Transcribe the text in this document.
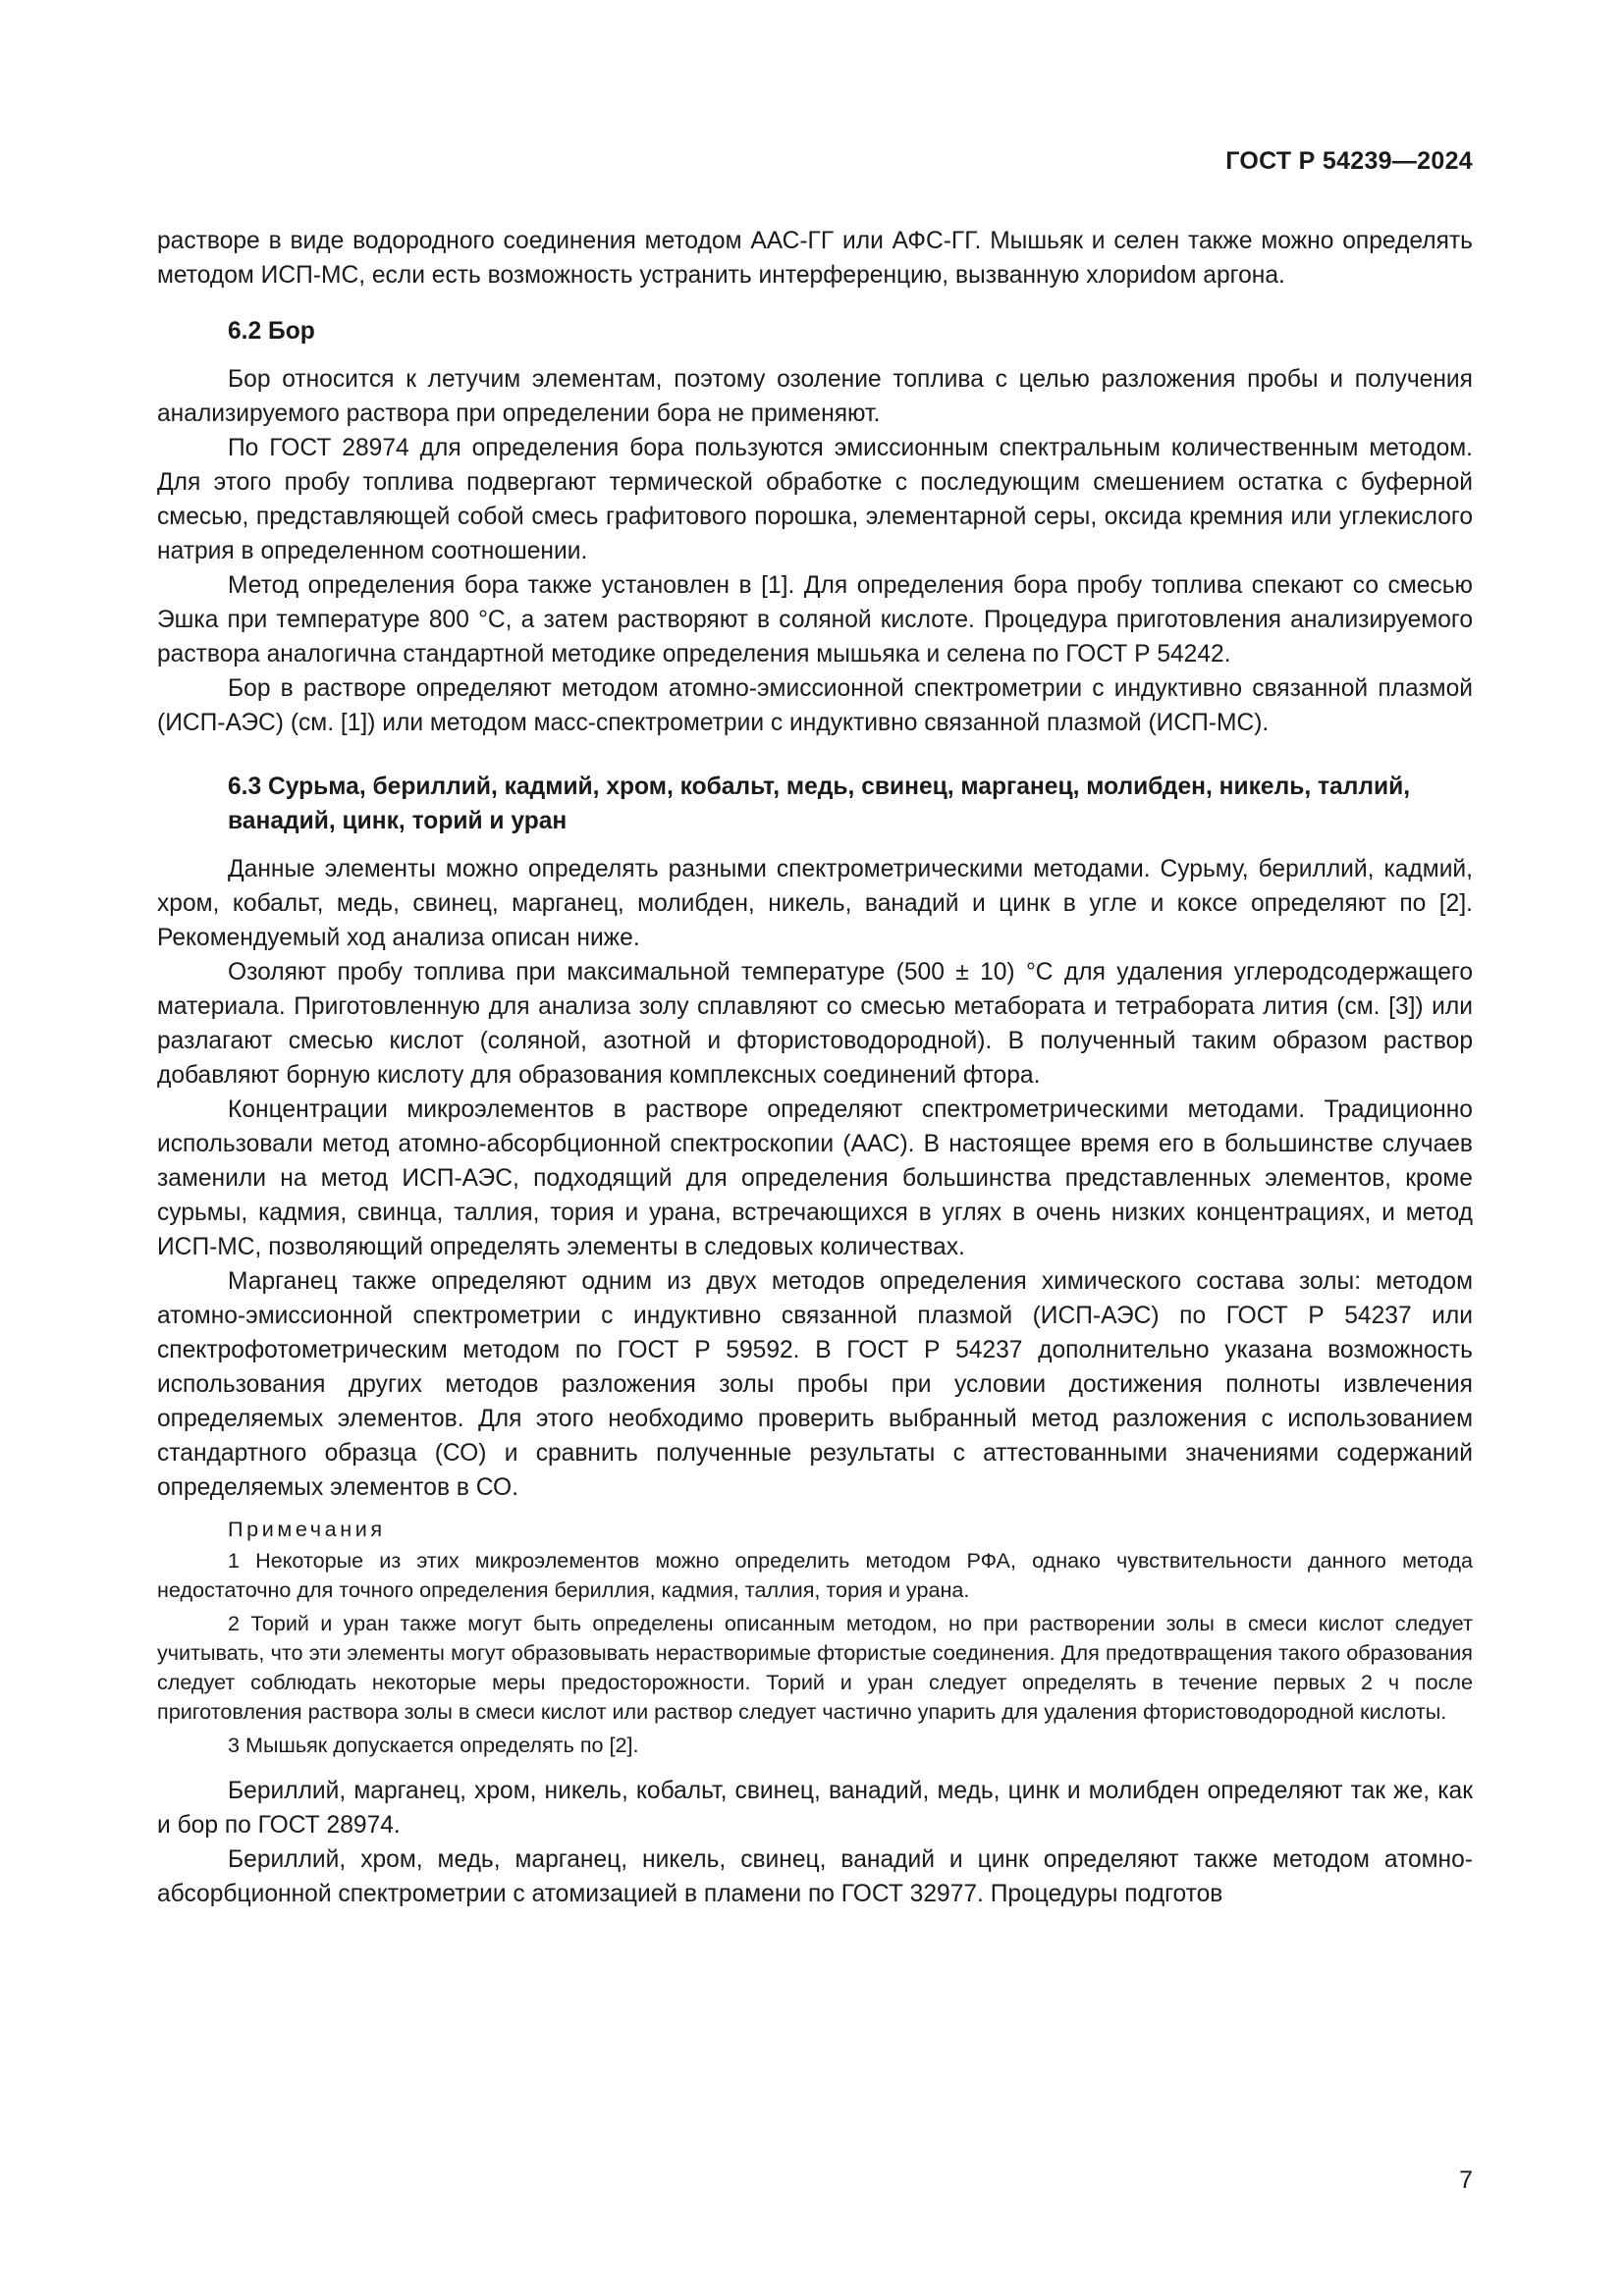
ГОСТ Р 54239—2024

растворе в виде водородного соединения методом ААС-ГГ или АФС-ГГ. Мышьяк и селен также можно определять методом ИСП-МС, если есть возможность устранить интерференцию, вызванную хлориdом аргона.

6.2 Бор

Бор относится к летучим элементам, поэтому озоление топлива с целью разложения пробы и получения анализируемого раствора при определении бора не применяют.

По ГОСТ 28974 для определения бора пользуются эмиссионным спектральным количественным методом. Для этого пробу топлива подвергают термической обработке с последующим смешением остатка с буферной смесью, представляющей собой смесь графитового порошка, элементарной серы, оксида кремния или углекислого натрия в определенном соотношении.

Метод определения бора также установлен в [1]. Для определения бора пробу топлива спекают со смесью Эшка при температуре 800 °С, а затем растворяют в соляной кислоте. Процедура приготовления анализируемого раствора аналогична стандартной методике определения мышьяка и селена по ГОСТ Р 54242.

Бор в растворе определяют методом атомно-эмиссионной спектрометрии с индуктивно связанной плазмой (ИСП-АЭС) (см. [1]) или методом масс-спектрометрии с индуктивно связанной плазмой (ИСП-МС).

6.3 Сурьма, бериллий, кадмий, хром, кобальт, медь, свинец, марганец, молибден, никель, таллий, ванадий, цинк, торий и уран

Данные элементы можно определять разными спектрометрическими методами. Сурьму, бериллий, кадмий, хром, кобальт, медь, свинец, марганец, молибден, никель, ванадий и цинк в угле и коксе определяют по [2]. Рекомендуемый ход анализа описан ниже.

Озоляют пробу топлива при максимальной температуре (500 ± 10) °С для удаления углеродсодержащего материала. Приготовленную для анализа золу сплавляют со смесью метабората и тетрабората лития (см. [3]) или разлагают смесью кислот (соляной, азотной и фтористоводородной). В полученный таким образом раствор добавляют борную кислоту для образования комплексных соединений фтора.

Концентрации микроэлементов в растворе определяют спектрометрическими методами. Традиционно использовали метод атомно-абсорбционной спектроскопии (ААС). В настоящее время его в большинстве случаев заменили на метод ИСП-АЭС, подходящий для определения большинства представленных элементов, кроме сурьмы, кадмия, свинца, таллия, тория и урана, встречающихся в углях в очень низких концентрациях, и метод ИСП-МС, позволяющий определять элементы в следовых количествах.

Марганец также определяют одним из двух методов определения химического состава золы: методом атомно-эмиссионной спектрометрии с индуктивно связанной плазмой (ИСП-АЭС) по ГОСТ Р 54237 или спектрофотометрическим методом по ГОСТ Р 59592. В ГОСТ Р 54237 дополнительно указана возможность использования других методов разложения золы пробы при условии достижения полноты извлечения определяемых элементов. Для этого необходимо проверить выбранный метод разложения с использованием стандартного образца (СО) и сравнить полученные результаты с аттестованными значениями содержаний определяемых элементов в СО.

Примечания

1 Некоторые из этих микроэлементов можно определить методом РФА, однако чувствительности данного метода недостаточно для точного определения бериллия, кадмия, таллия, тория и урана.

2 Торий и уран также могут быть определены описанным методом, но при растворении золы в смеси кислот следует учитывать, что эти элементы могут образовывать нерастворимые фтористые соединения. Для предотвращения такого образования следует соблюдать некоторые меры предосторожности. Торий и уран следует определять в течение первых 2 ч после приготовления раствора золы в смеси кислот или раствор следует частично упарить для удаления фтористоводородной кислоты.

3 Мышьяк допускается определять по [2].

Бериллий, марганец, хром, никель, кобальт, свинец, ванадий, медь, цинк и молибден определяют так же, как и бор по ГОСТ 28974.

Бериллий, хром, медь, марганец, никель, свинец, ванадий и цинк определяют также методом атомно-абсорбционной спектрометрии с атомизацией в пламени по ГОСТ 32977. Процедуры подготов

7
